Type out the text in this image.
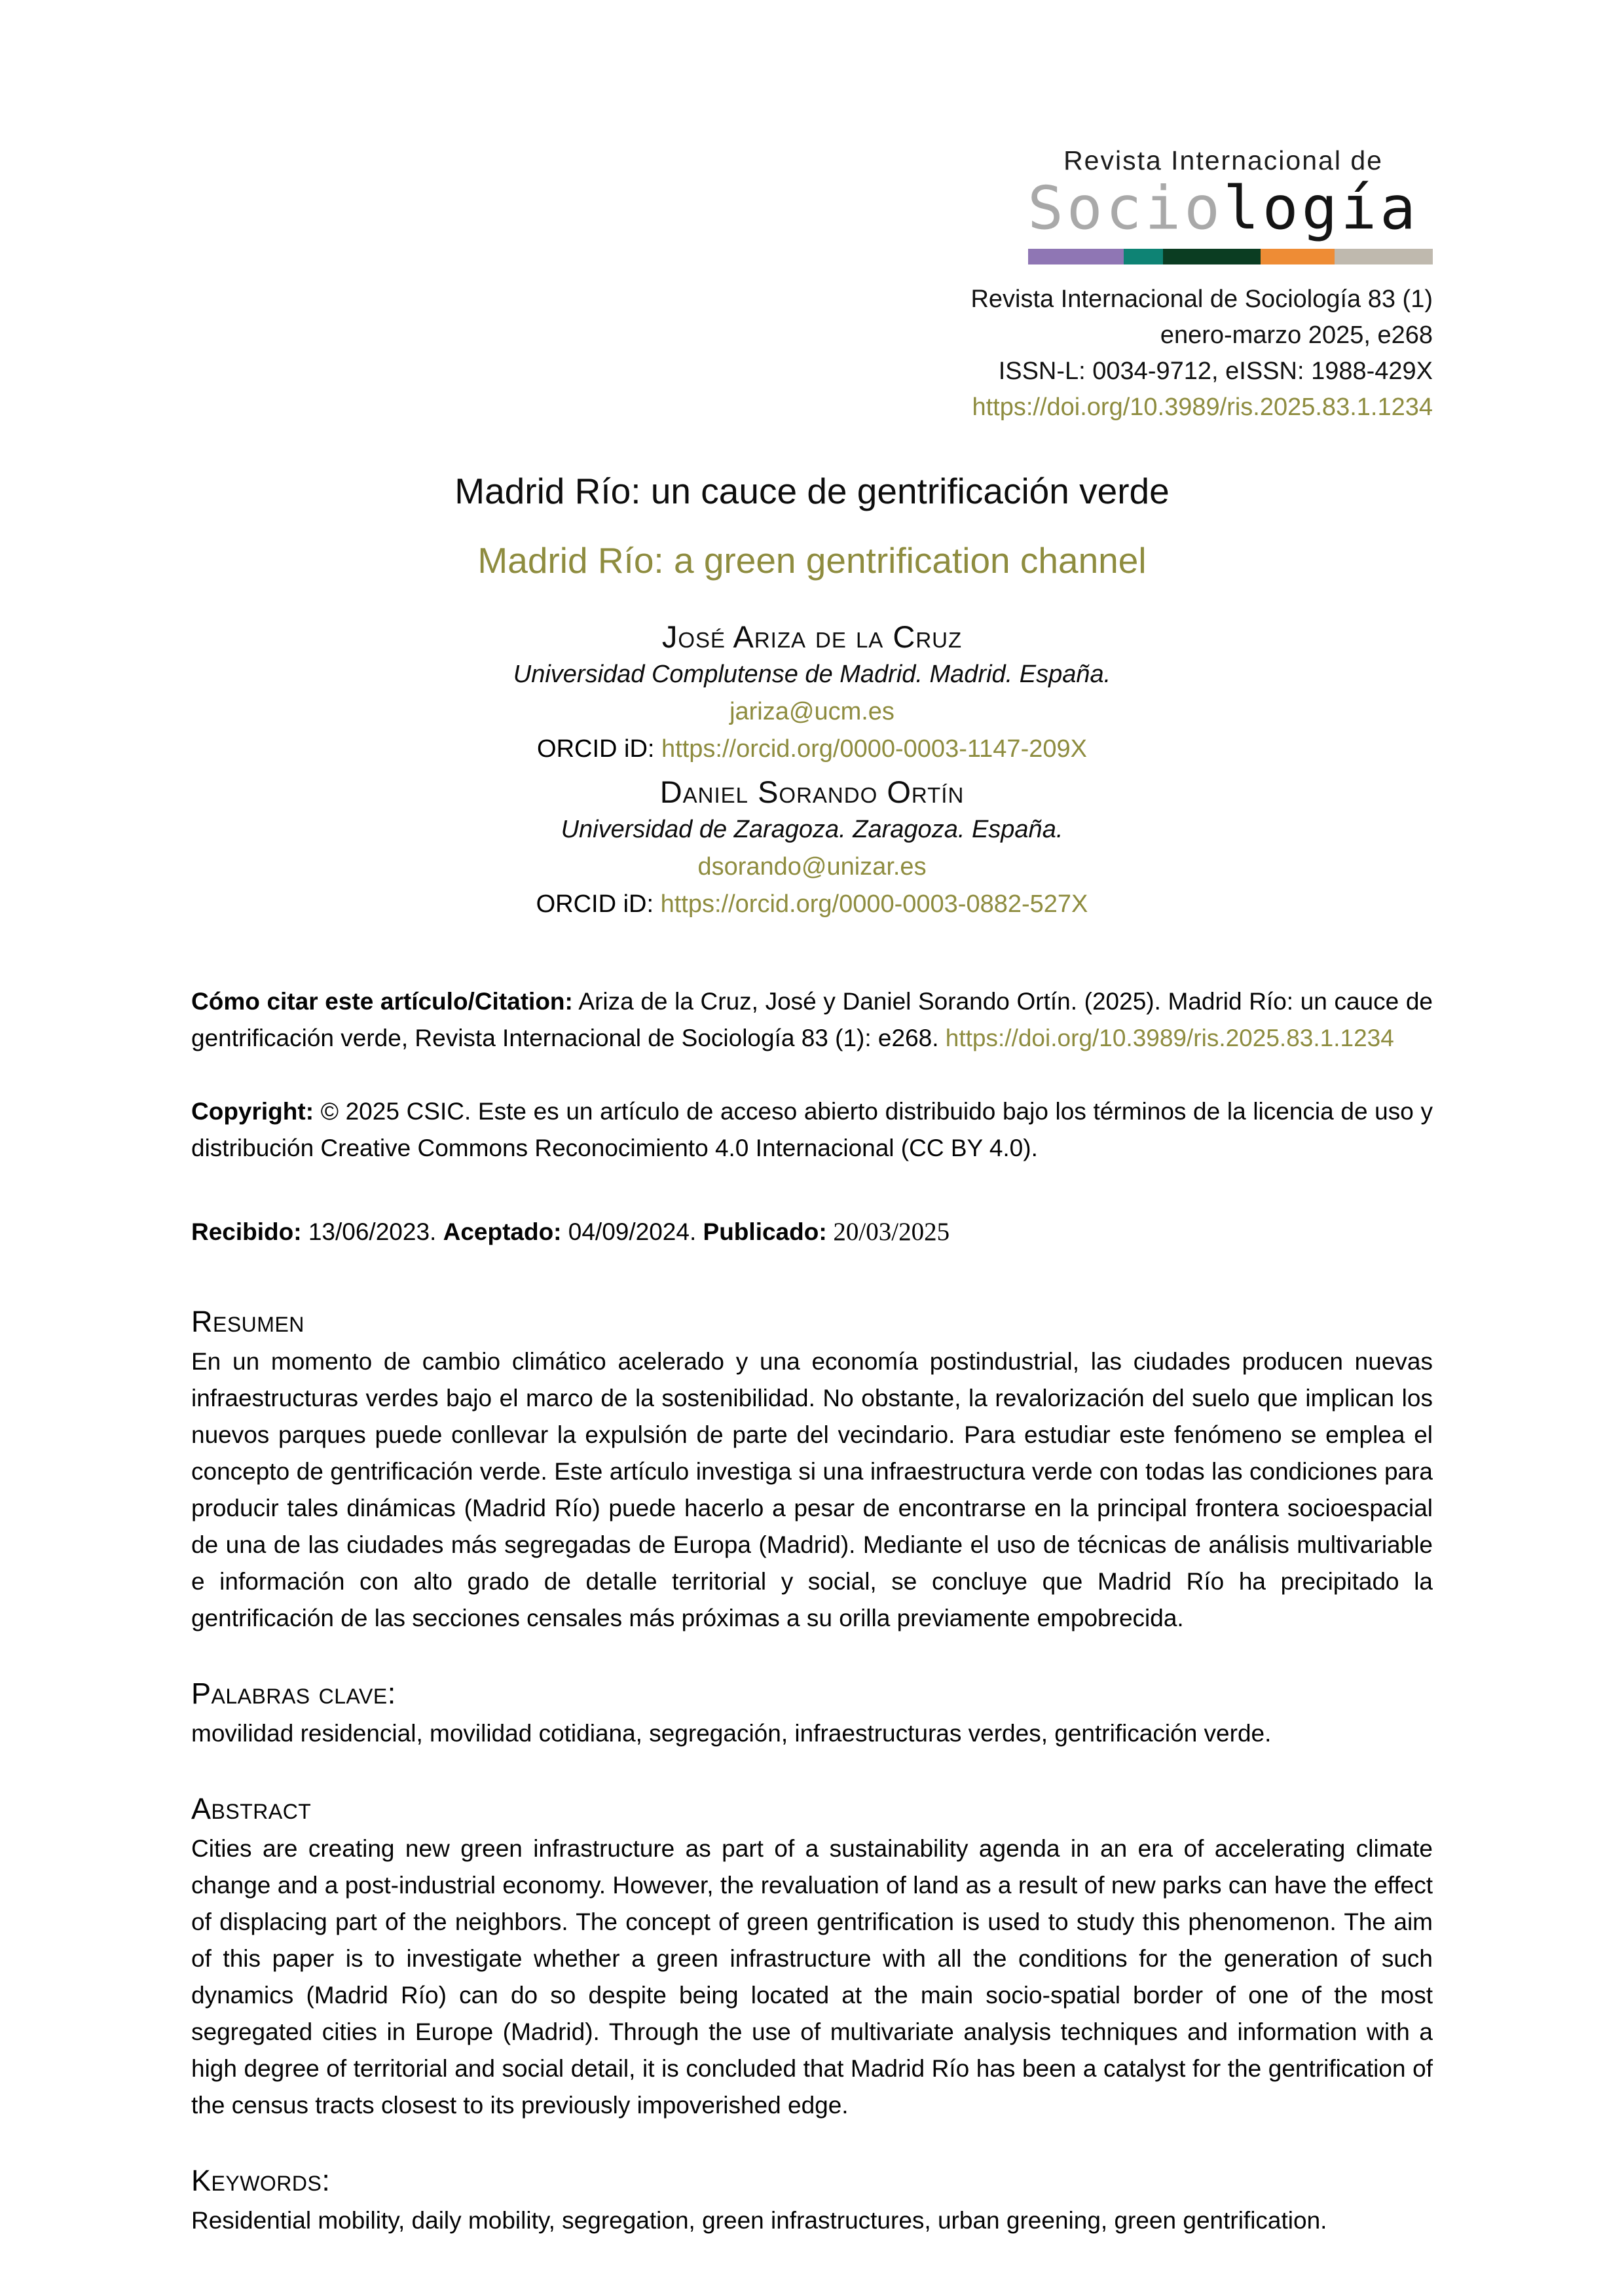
Revista Internacional de
Sociología
Revista Internacional de Sociología 83 (1)
enero-marzo 2025, e268
ISSN-L: 0034-9712, eISSN: 1988-429X
https://doi.org/10.3989/ris.2025.83.1.1234
Madrid Río: un cauce de gentrificación verde
Madrid Río: a green gentrification channel
José Ariza de la Cruz
Universidad Complutense de Madrid. Madrid. España.
jariza@ucm.es
ORCID iD: https://orcid.org/0000-0003-1147-209X
Daniel Sorando Ortín
Universidad de Zaragoza. Zaragoza. España.
dsorando@unizar.es
ORCID iD: https://orcid.org/0000-0003-0882-527X

Cómo citar este artículo/Citation: Ariza de la Cruz, José y Daniel Sorando Ortín. (2025). Madrid Río: un cauce de gentrificación verde, Revista Internacional de Sociología 83 (1): e268. https://doi.org/10.3989/ris.2025.83.1.1234

Copyright: © 2025 CSIC. Este es un artículo de acceso abierto distribuido bajo los términos de la licencia de uso y distribución Creative Commons Reconocimiento 4.0 Internacional (CC BY 4.0).

Recibido: 13/06/2023. Aceptado: 04/09/2024. Publicado: 20/03/2025

Resumen

En un momento de cambio climático acelerado y una economía postindustrial, las ciudades producen nuevas infraestructuras verdes bajo el marco de la sostenibilidad. No obstante, la revalorización del suelo que implican los nuevos parques puede conllevar la expulsión de parte del vecindario. Para estudiar este fenómeno se emplea el concepto de gentrificación verde. Este artículo investiga si una infraestructura verde con todas las condiciones para producir tales dinámicas (Madrid Río) puede hacerlo a pesar de encontrarse en la principal frontera socioespacial de una de las ciudades más segregadas de Europa (Madrid). Mediante el uso de técnicas de análisis multivariable e información con alto grado de detalle territorial y social, se concluye que Madrid Río ha precipitado la gentrificación de las secciones censales más próximas a su orilla previamente empobrecida.

Palabras clave:

movilidad residencial, movilidad cotidiana, segregación, infraestructuras verdes, gentrificación verde.

Abstract

Cities are creating new green infrastructure as part of a sustainability agenda in an era of accelerating climate change and a post-industrial economy. However, the revaluation of land as a result of new parks can have the effect of displacing part of the neighbors. The concept of green gentrification is used to study this phenomenon. The aim of this paper is to investigate whether a green infrastructure with all the conditions for the generation of such dynamics (Madrid Río) can do so despite being located at the main socio-spatial border of one of the most segregated cities in Europe (Madrid). Through the use of multivariate analysis techniques and information with a high degree of territorial and social detail, it is concluded that Madrid Río has been a catalyst for the gentrification of the census tracts closest to its previously impoverished edge.

Keywords:

Residential mobility, daily mobility, segregation, green infrastructures, urban greening, green gentrification.
